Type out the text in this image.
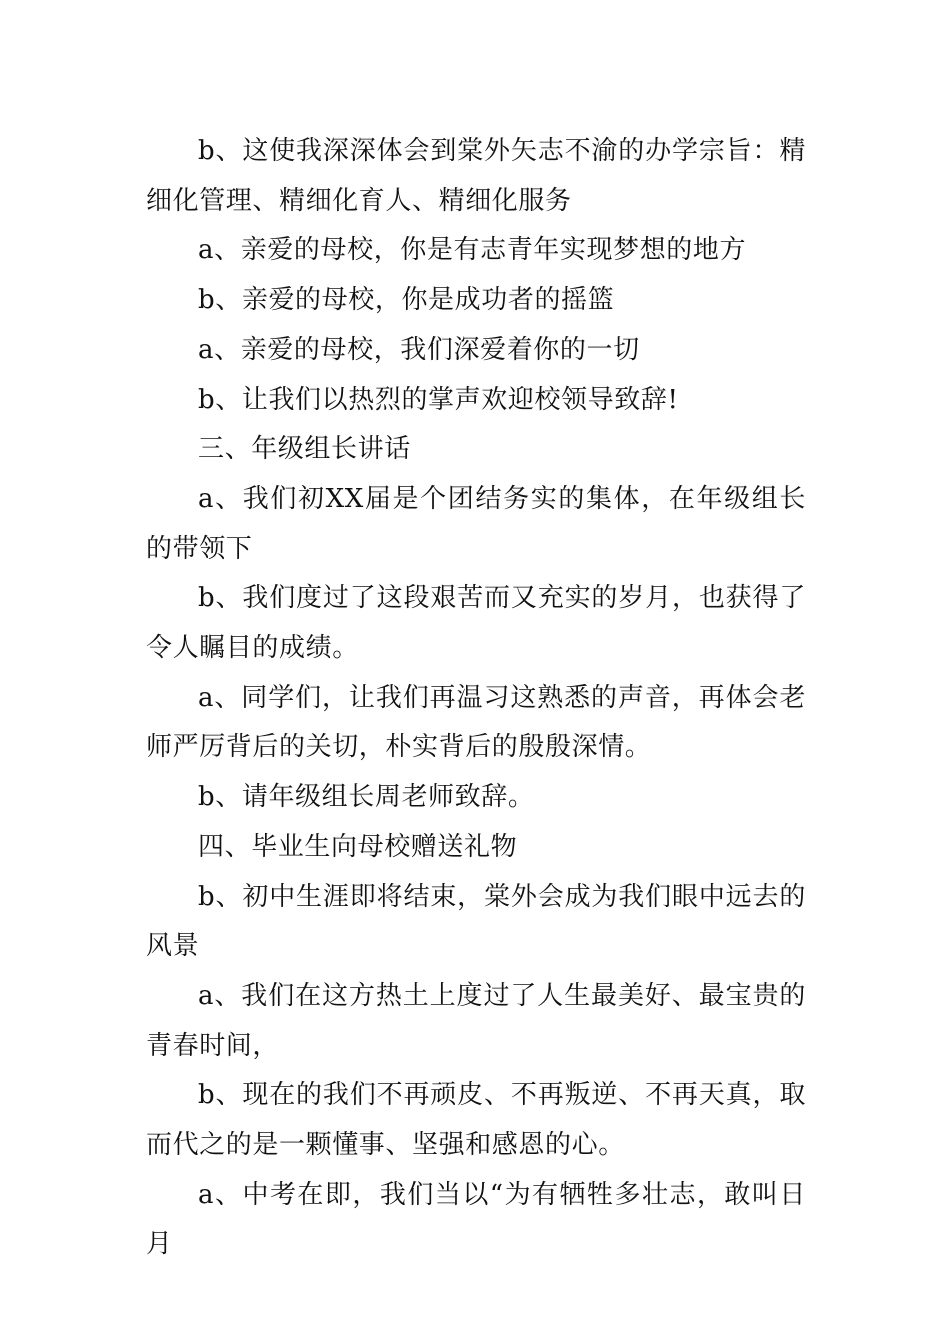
b、这使我深深体会到棠外矢志不渝的办学宗旨：精细化管理、精细化育人、精细化服务

a、亲爱的母校，你是有志青年实现梦想的地方

b、亲爱的母校，你是成功者的摇篮

a、亲爱的母校，我们深爱着你的一切

b、让我们以热烈的掌声欢迎校领导致辞!

三、年级组长讲话

a、我们初XX届是个团结务实的集体，在年级组长的带领下

b、我们度过了这段艰苦而又充实的岁月，也获得了令人瞩目的成绩。

a、同学们，让我们再温习这熟悉的声音，再体会老师严厉背后的关切，朴实背后的殷殷深情。

b、请年级组长周老师致辞。

四、毕业生向母校赠送礼物

b、初中生涯即将结束，棠外会成为我们眼中远去的风景

a、我们在这方热土上度过了人生最美好、最宝贵的青春时间，

b、现在的我们不再顽皮、不再叛逆、不再天真，取而代之的是一颗懂事、坚强和感恩的心。

a、中考在即，我们当以“为有牺牲多壮志，敢叫日月
